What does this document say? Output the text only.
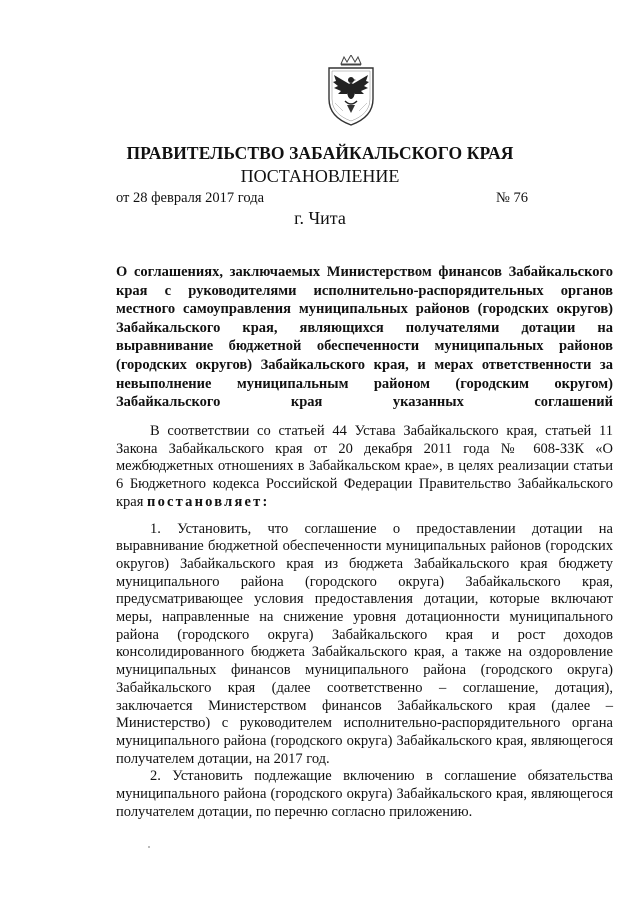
ПРАВИТЕЛЬСТВО ЗАБАЙКАЛЬСКОГО КРАЯ
ПОСТАНОВЛЕНИЕ
от 28 февраля 2017 года	№ 76
г. Чита
О соглашениях, заключаемых Министерством финансов Забайкальского края с руководителями исполнительно-распорядительных органов местного самоуправления муниципальных районов (городских округов) Забайкальского края, являющихся получателями дотации на выравнивание бюджетной обеспеченности муниципальных районов (городских округов) Забайкальского края, и мерах ответственности за невыполнение муниципальным районом (городским округом) Забайкальского края указанных соглашений

В соответствии со статьей 44 Устава Забайкальского края, статьей 11 Закона Забайкальского края от 20 декабря 2011 года № 608-ЗЗК «О межбюджетных отношениях в Забайкальском крае», в целях реализации статьи 6 Бюджетного кодекса Российской Федерации Правительство Забайкальского края постановляет:

1. Установить, что соглашение о предоставлении дотации на выравнивание бюджетной обеспеченности муниципальных районов (городских округов) Забайкальского края из бюджета Забайкальского края бюджету муниципального района (городского округа) Забайкальского края, предусматривающее условия предоставления дотации, которые включают меры, направленные на снижение уровня дотационности муниципального района (городского округа) Забайкальского края и рост доходов консолидированного бюджета Забайкальского края, а также на оздоровление муниципальных финансов муниципального района (городского округа) Забайкальского края (далее соответственно – соглашение, дотация), заключается Министерством финансов Забайкальского края (далее – Министерство) с руководителем исполнительно-распорядительного органа муниципального района (городского округа) Забайкальского края, являющегося получателем дотации, на 2017 год.

2. Установить подлежащие включению в соглашение обязательства муниципального района (городского округа) Забайкальского края, являющегося получателем дотации, по перечню согласно приложению.
